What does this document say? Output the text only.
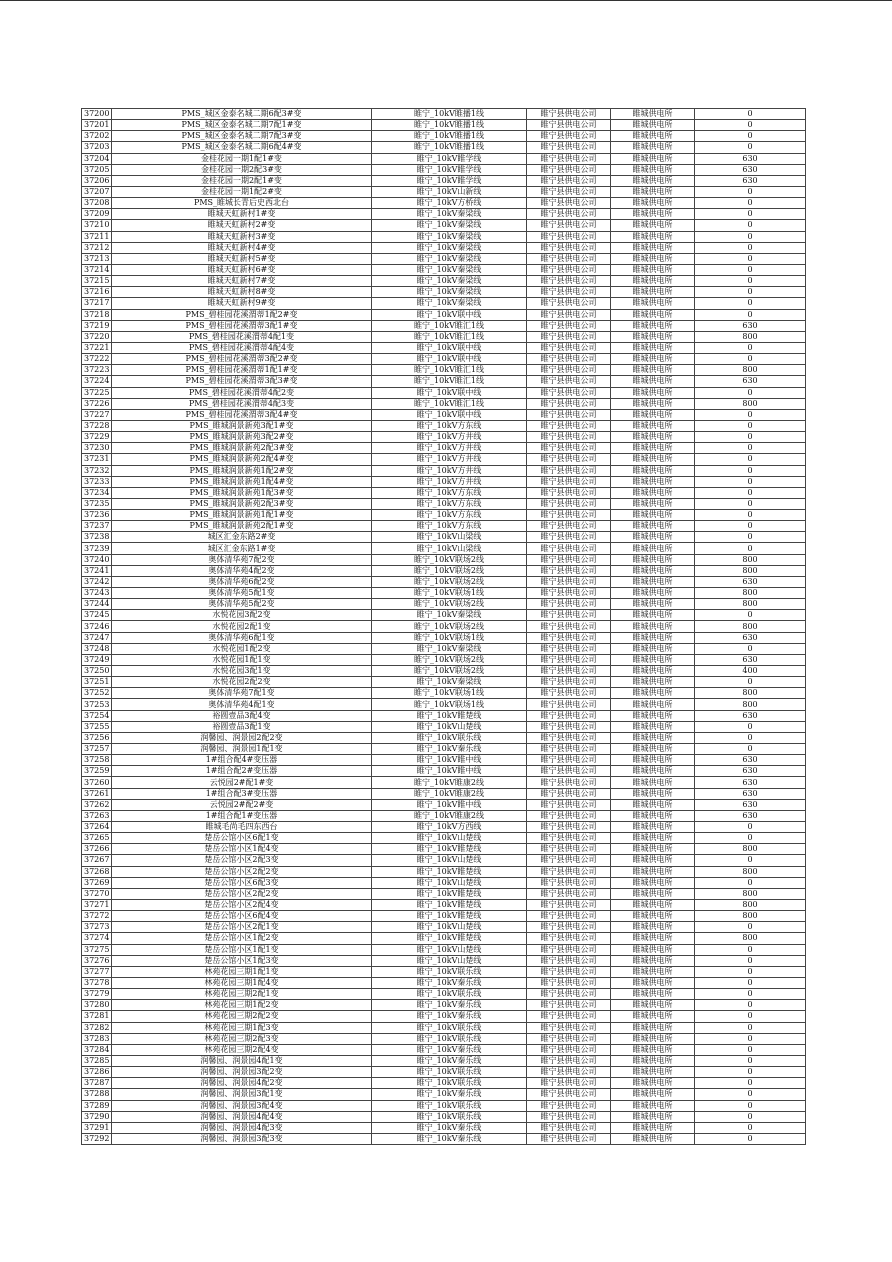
37200	PMS_城区金泰名城二期6配3#变	睢宁_10kV睢播1线	睢宁县供电公司	睢城供电所	0
37201	PMS_城区金泰名城二期7配1#变	睢宁_10kV睢播1线	睢宁县供电公司	睢城供电所	0
37202	PMS_城区金泰名城二期7配3#变	睢宁_10kV睢播1线	睢宁县供电公司	睢城供电所	0
37203	PMS_城区金泰名城二期6配4#变	睢宁_10kV睢播1线	睢宁县供电公司	睢城供电所	0
37204	金桂花园一期1配1#变	睢宁_10kV睢学线	睢宁县供电公司	睢城供电所	630
37205	金桂花园一期2配3#变	睢宁_10kV睢学线	睢宁县供电公司	睢城供电所	630
37206	金桂花园一期2配1#变	睢宁_10kV睢学线	睢宁县供电公司	睢城供电所	630
37207	金桂花园一期1配2#变	睢宁_10kV山新线	睢宁县供电公司	睢城供电所	0
37208	PMS_睢城长青后史西北台	睢宁_10kV方桥线	睢宁县供电公司	睢城供电所	0
37209	睢城天虹新村1#变	睢宁_10kV秦梁线	睢宁县供电公司	睢城供电所	0
37210	睢城天虹新村2#变	睢宁_10kV秦梁线	睢宁县供电公司	睢城供电所	0
37211	睢城天虹新村3#变	睢宁_10kV秦梁线	睢宁县供电公司	睢城供电所	0
37212	睢城天虹新村4#变	睢宁_10kV秦梁线	睢宁县供电公司	睢城供电所	0
37213	睢城天虹新村5#变	睢宁_10kV秦梁线	睢宁县供电公司	睢城供电所	0
37214	睢城天虹新村6#变	睢宁_10kV秦梁线	睢宁县供电公司	睢城供电所	0
37215	睢城天虹新村7#变	睢宁_10kV秦梁线	睢宁县供电公司	睢城供电所	0
37216	睢城天虹新村8#变	睢宁_10kV秦梁线	睢宁县供电公司	睢城供电所	0
37217	睢城天虹新村9#变	睢宁_10kV秦梁线	睢宁县供电公司	睢城供电所	0
37218	PMS_碧桂园花溪渭蒂1配2#变	睢宁_10kV联中线	睢宁县供电公司	睢城供电所	0
37219	PMS_碧桂园花溪渭蒂3配1#变	睢宁_10kV睢汇1线	睢宁县供电公司	睢城供电所	630
37220	PMS_碧桂园花溪渭蒂4配1变	睢宁_10kV睢汇1线	睢宁县供电公司	睢城供电所	800
37221	PMS_碧桂园花溪渭蒂4配4变	睢宁_10kV联中线	睢宁县供电公司	睢城供电所	0
37222	PMS_碧桂园花溪渭蒂3配2#变	睢宁_10kV联中线	睢宁县供电公司	睢城供电所	0
37223	PMS_碧桂园花溪渭蒂1配1#变	睢宁_10kV睢汇1线	睢宁县供电公司	睢城供电所	800
37224	PMS_碧桂园花溪渭蒂3配3#变	睢宁_10kV睢汇1线	睢宁县供电公司	睢城供电所	630
37225	PMS_碧桂园花溪渭蒂4配2变	睢宁_10kV联中线	睢宁县供电公司	睢城供电所	0
37226	PMS_碧桂园花溪渭蒂4配3变	睢宁_10kV睢汇1线	睢宁县供电公司	睢城供电所	800
37227	PMS_碧桂园花溪渭蒂3配4#变	睢宁_10kV联中线	睢宁县供电公司	睢城供电所	0
37228	PMS_睢城润景新苑3配1#变	睢宁_10kV方东线	睢宁县供电公司	睢城供电所	0
37229	PMS_睢城润景新苑3配2#变	睢宁_10kV方井线	睢宁县供电公司	睢城供电所	0
37230	PMS_睢城润景新苑2配3#变	睢宁_10kV方井线	睢宁县供电公司	睢城供电所	0
37231	PMS_睢城润景新苑2配4#变	睢宁_10kV方井线	睢宁县供电公司	睢城供电所	0
37232	PMS_睢城润景新苑1配2#变	睢宁_10kV方井线	睢宁县供电公司	睢城供电所	0
37233	PMS_睢城润景新苑1配4#变	睢宁_10kV方井线	睢宁县供电公司	睢城供电所	0
37234	PMS_睢城润景新苑1配3#变	睢宁_10kV方东线	睢宁县供电公司	睢城供电所	0
37235	PMS_睢城润景新苑2配3#变	睢宁_10kV方东线	睢宁县供电公司	睢城供电所	0
37236	PMS_睢城润景新苑1配1#变	睢宁_10kV方东线	睢宁县供电公司	睢城供电所	0
37237	PMS_睢城润景新苑2配1#变	睢宁_10kV方东线	睢宁县供电公司	睢城供电所	0
37238	城区汇金东路2#变	睢宁_10kV山梁线	睢宁县供电公司	睢城供电所	0
37239	城区汇金东路1#变	睢宁_10kV山梁线	睢宁县供电公司	睢城供电所	0
37240	奥体清华苑7配2变	睢宁_10kV联场2线	睢宁县供电公司	睢城供电所	800
37241	奥体清华苑4配2变	睢宁_10kV联场2线	睢宁县供电公司	睢城供电所	800
37242	奥体清华苑6配2变	睢宁_10kV联场2线	睢宁县供电公司	睢城供电所	630
37243	奥体清华苑5配1变	睢宁_10kV联场1线	睢宁县供电公司	睢城供电所	800
37244	奥体清华苑5配2变	睢宁_10kV联场2线	睢宁县供电公司	睢城供电所	800
37245	水悦花园3配2变	睢宁_10kV秦梁线	睢宁县供电公司	睢城供电所	0
37246	水悦花园2配1变	睢宁_10kV联场2线	睢宁县供电公司	睢城供电所	800
37247	奥体清华苑6配1变	睢宁_10kV联场1线	睢宁县供电公司	睢城供电所	630
37248	水悦花园1配2变	睢宁_10kV秦梁线	睢宁县供电公司	睢城供电所	0
37249	水悦花园1配1变	睢宁_10kV联场2线	睢宁县供电公司	睢城供电所	630
37250	水悦花园3配1变	睢宁_10kV联场2线	睢宁县供电公司	睢城供电所	400
37251	水悦花园2配2变	睢宁_10kV秦梁线	睢宁县供电公司	睢城供电所	0
37252	奥体清华苑7配1变	睢宁_10kV联场1线	睢宁县供电公司	睢城供电所	800
37253	奥体清华苑4配1变	睢宁_10kV联场1线	睢宁县供电公司	睢城供电所	800
37254	裕圆壹品3配4变	睢宁_10kV睢楚线	睢宁县供电公司	睢城供电所	630
37255	裕圆壹品3配1变	睢宁_10kV山楚线	睢宁县供电公司	睢城供电所	0
37256	润馨园、润景园2配2变	睢宁_10kV联乐线	睢宁县供电公司	睢城供电所	0
37257	润馨园、润景园1配1变	睢宁_10kV秦乐线	睢宁县供电公司	睢城供电所	0
37258	1#组合配4#变压器	睢宁_10kV睢中线	睢宁县供电公司	睢城供电所	630
37259	1#组合配2#变压器	睢宁_10kV睢中线	睢宁县供电公司	睢城供电所	630
37260	云悦园2#配1#变	睢宁_10kV睢康2线	睢宁县供电公司	睢城供电所	630
37261	1#组合配3#变压器	睢宁_10kV睢康2线	睢宁县供电公司	睢城供电所	630
37262	云悦园2#配2#变	睢宁_10kV睢中线	睢宁县供电公司	睢城供电所	630
37263	1#组合配1#变压器	睢宁_10kV睢康2线	睢宁县供电公司	睢城供电所	630
37264	睢城毛尚毛四东西台	睢宁_10kV方西线	睢宁县供电公司	睢城供电所	0
37265	楚岳公馆小区6配1变	睢宁_10kV山楚线	睢宁县供电公司	睢城供电所	0
37266	楚岳公馆小区1配4变	睢宁_10kV睢楚线	睢宁县供电公司	睢城供电所	800
37267	楚岳公馆小区2配3变	睢宁_10kV山楚线	睢宁县供电公司	睢城供电所	0
37268	楚岳公馆小区2配2变	睢宁_10kV睢楚线	睢宁县供电公司	睢城供电所	800
37269	楚岳公馆小区6配3变	睢宁_10kV山楚线	睢宁县供电公司	睢城供电所	0
37270	楚岳公馆小区2配2变	睢宁_10kV睢楚线	睢宁县供电公司	睢城供电所	800
37271	楚岳公馆小区2配4变	睢宁_10kV睢楚线	睢宁县供电公司	睢城供电所	800
37272	楚岳公馆小区6配4变	睢宁_10kV睢楚线	睢宁县供电公司	睢城供电所	800
37273	楚岳公馆小区2配1变	睢宁_10kV山楚线	睢宁县供电公司	睢城供电所	0
37274	楚岳公馆小区1配2变	睢宁_10kV睢楚线	睢宁县供电公司	睢城供电所	800
37275	楚岳公馆小区1配1变	睢宁_10kV山楚线	睢宁县供电公司	睢城供电所	0
37276	楚岳公馆小区1配3变	睢宁_10kV山楚线	睢宁县供电公司	睢城供电所	0
37277	林苑花园三期1配1变	睢宁_10kV联乐线	睢宁县供电公司	睢城供电所	0
37278	林苑花园三期1配4变	睢宁_10kV秦乐线	睢宁县供电公司	睢城供电所	0
37279	林苑花园三期2配1变	睢宁_10kV联乐线	睢宁县供电公司	睢城供电所	0
37280	林苑花园三期1配2变	睢宁_10kV秦乐线	睢宁县供电公司	睢城供电所	0
37281	林苑花园三期2配2变	睢宁_10kV秦乐线	睢宁县供电公司	睢城供电所	0
37282	林苑花园三期1配3变	睢宁_10kV联乐线	睢宁县供电公司	睢城供电所	0
37283	林苑花园三期2配3变	睢宁_10kV联乐线	睢宁县供电公司	睢城供电所	0
37284	林苑花园三期2配4变	睢宁_10kV秦乐线	睢宁县供电公司	睢城供电所	0
37285	润馨园、润景园4配1变	睢宁_10kV秦乐线	睢宁县供电公司	睢城供电所	0
37286	润馨园、润景园3配2变	睢宁_10kV联乐线	睢宁县供电公司	睢城供电所	0
37287	润馨园、润景园4配2变	睢宁_10kV联乐线	睢宁县供电公司	睢城供电所	0
37288	润馨园、润景园3配1变	睢宁_10kV秦乐线	睢宁县供电公司	睢城供电所	0
37289	润馨园、润景园3配4变	睢宁_10kV联乐线	睢宁县供电公司	睢城供电所	0
37290	润馨园、润景园4配4变	睢宁_10kV联乐线	睢宁县供电公司	睢城供电所	0
37291	润馨园、润景园4配3变	睢宁_10kV秦乐线	睢宁县供电公司	睢城供电所	0
37292	润馨园、润景园3配3变	睢宁_10kV秦乐线	睢宁县供电公司	睢城供电所	0
